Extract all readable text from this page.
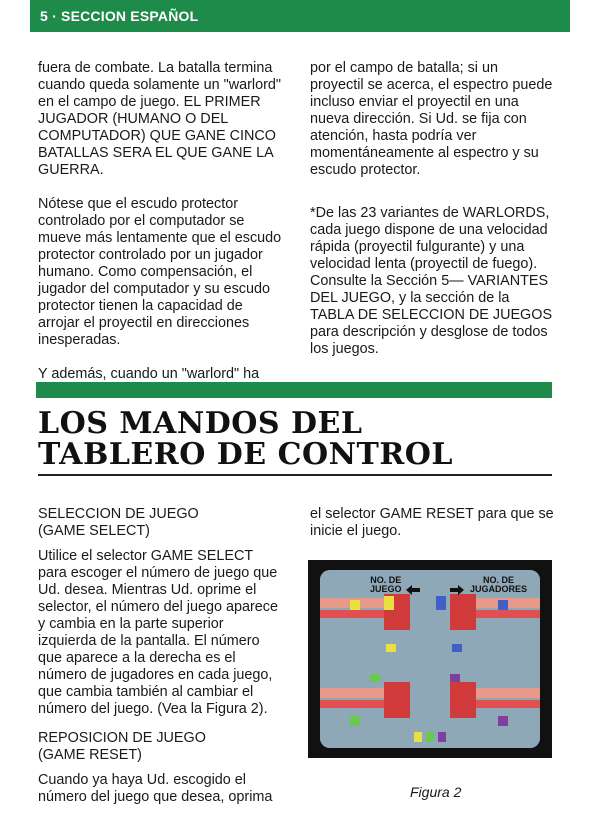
5 · SECCION ESPAÑOL

fuera de combate. La batalla termina cuando queda solamente un "warlord" en el campo de juego. EL PRIMER JUGADOR (HUMANO O DEL COMPUTADOR) QUE GANE CINCO BATALLAS SERA EL QUE GANE LA GUERRA.

Nótese que el escudo protector controlado por el computador se mueve más lentamente que el escudo protector controlado por un jugador humano. Como compensación, el jugador del computador y su escudo protector tienen la capacidad de arrojar el proyectil en direcciones inesperadas.

Y además, cuando un "warlord" ha

por el campo de batalla; si un proyectil se acerca, el espectro puede incluso enviar el proyectil en una nueva dirección. Si Ud. se fija con atención, hasta podría ver momentáneamente al espectro y su escudo protector.

*De las 23 variantes de WARLORDS, cada juego dispone de una velocidad rápida (proyectil fulgurante) y una velocidad lenta (proyectil de fuego). Consulte la Sección 5— VARIANTES DEL JUEGO, y la sección de la TABLA DE SELECCION DE JUEGOS para descripción y desglose de todos los juegos.

LOS MANDOS DEL
TABLERO DE CONTROL
SELECCION DE JUEGO
(GAME SELECT)

Utilice el selector GAME SELECT para escoger el número de juego que Ud. desea. Mientras Ud. oprime el selector, el número del juego aparece y cambia en la parte superior izquierda de la pantalla. El número que aparece a la derecha es el número de jugadores en cada juego, que cambia también al cambiar el número del juego. (Vea la Figura 2).

REPOSICION DE JUEGO
(GAME RESET)

Cuando ya haya Ud. escogido el número del juego que desea, oprima

el selector GAME RESET para que se inicie el juego.

NO. DE
JUEGO
NO. DE
JUGADORES
Figura 2
